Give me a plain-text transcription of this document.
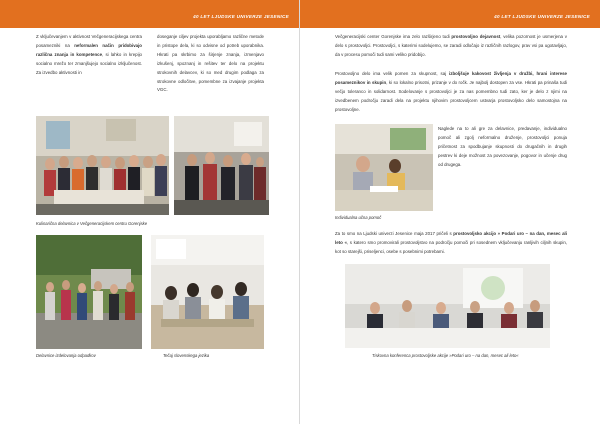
40 LET LJUDSKE UNIVERZE JESENICE	40 LET LJUDSKE UNIVERZE JESENICE
Z vključevanjem v aktivnost Večgeneracijskega centra posamezniki na neformalen način pridobivajo različna znanja in kompetence, si lahko in krepijo socialno mrežo ter zmanjšujejo socialno izključenost. Za izvedbo aktivnosti in
doseganje ciljev projekta uporabljamo različne metode in pristope dela, ki so odvisne od potreb uporabnika. Hkrati pa skrbimo za širjenje znanja, izmenjavo izkušenj, spoznanj in rešitev ter delo na projektu strokovnih delavcev, ki so med drugim podlaga za strokovne odločitve, pomembne za izvajanje projekta VGC.
Kulinarična delavnica v Večgeneracijskem centru Gorenjske
Delavnice izdelovanja odpadkov	Tečaj slovenskega jezika
Večgeneracijski center Gorenjske ima zelo razširjeno tudi prostovoljno dejavnost, velika pozornost je usmerjena v delo s prostovoljci. Prostovoljci, s katerimi sodelujemo, se zaradi odločajo iz različnih razlogov, prav vsi pa ugotavljajo, da v procesu pomoči tudi sami veliko pridobijo.
Prostovoljno delo ima velik pomen za skupnost, saj izboljšuje kakovost življenja v družbi, hrani interese posameznikov in skupin, ki so lokalno prisotni, prizanje v do ročk. Je najbolj dostopen za vse. Hkrati pa prinaša tudi večjo toleranco in solidarnost. Sodelovanje s prostovoljci je za nas pomembno tudi zato, ker je delo z njimi na izvedbenem področju zaradi dela na projektu njihovim prostovoljcem ustvarja prostovoljsko delo samostojna na prostovoljne.
Individualna učna pomoč
Naglede na to ali gre za delavnice, predavanje, individualno pomoč ali zgolj neformalno druženje, prostovoljci ponuja pričetnost za spodbujanje skupnosti do drugačnih in drugih pestrev ki deje možnost za povezovanje, pogovor in učenje drug od drugega.
Za to smo na Ljudski univerzi Jesenice maja 2017 pričeli s prostovoljsko akcijo » Podari uro – na dan, mesec ali leto «, s katero smo promovirali prostovoljstvo na področju pomoči pri sosednem vključevanju ranljivih ciljnih skupin, kot so starejši, priseljenci, osebe s posebnimi potrebami.
Tiskovna konferenca prostovoljske akcije »Podari uro – na dan, mesec ali leto«
